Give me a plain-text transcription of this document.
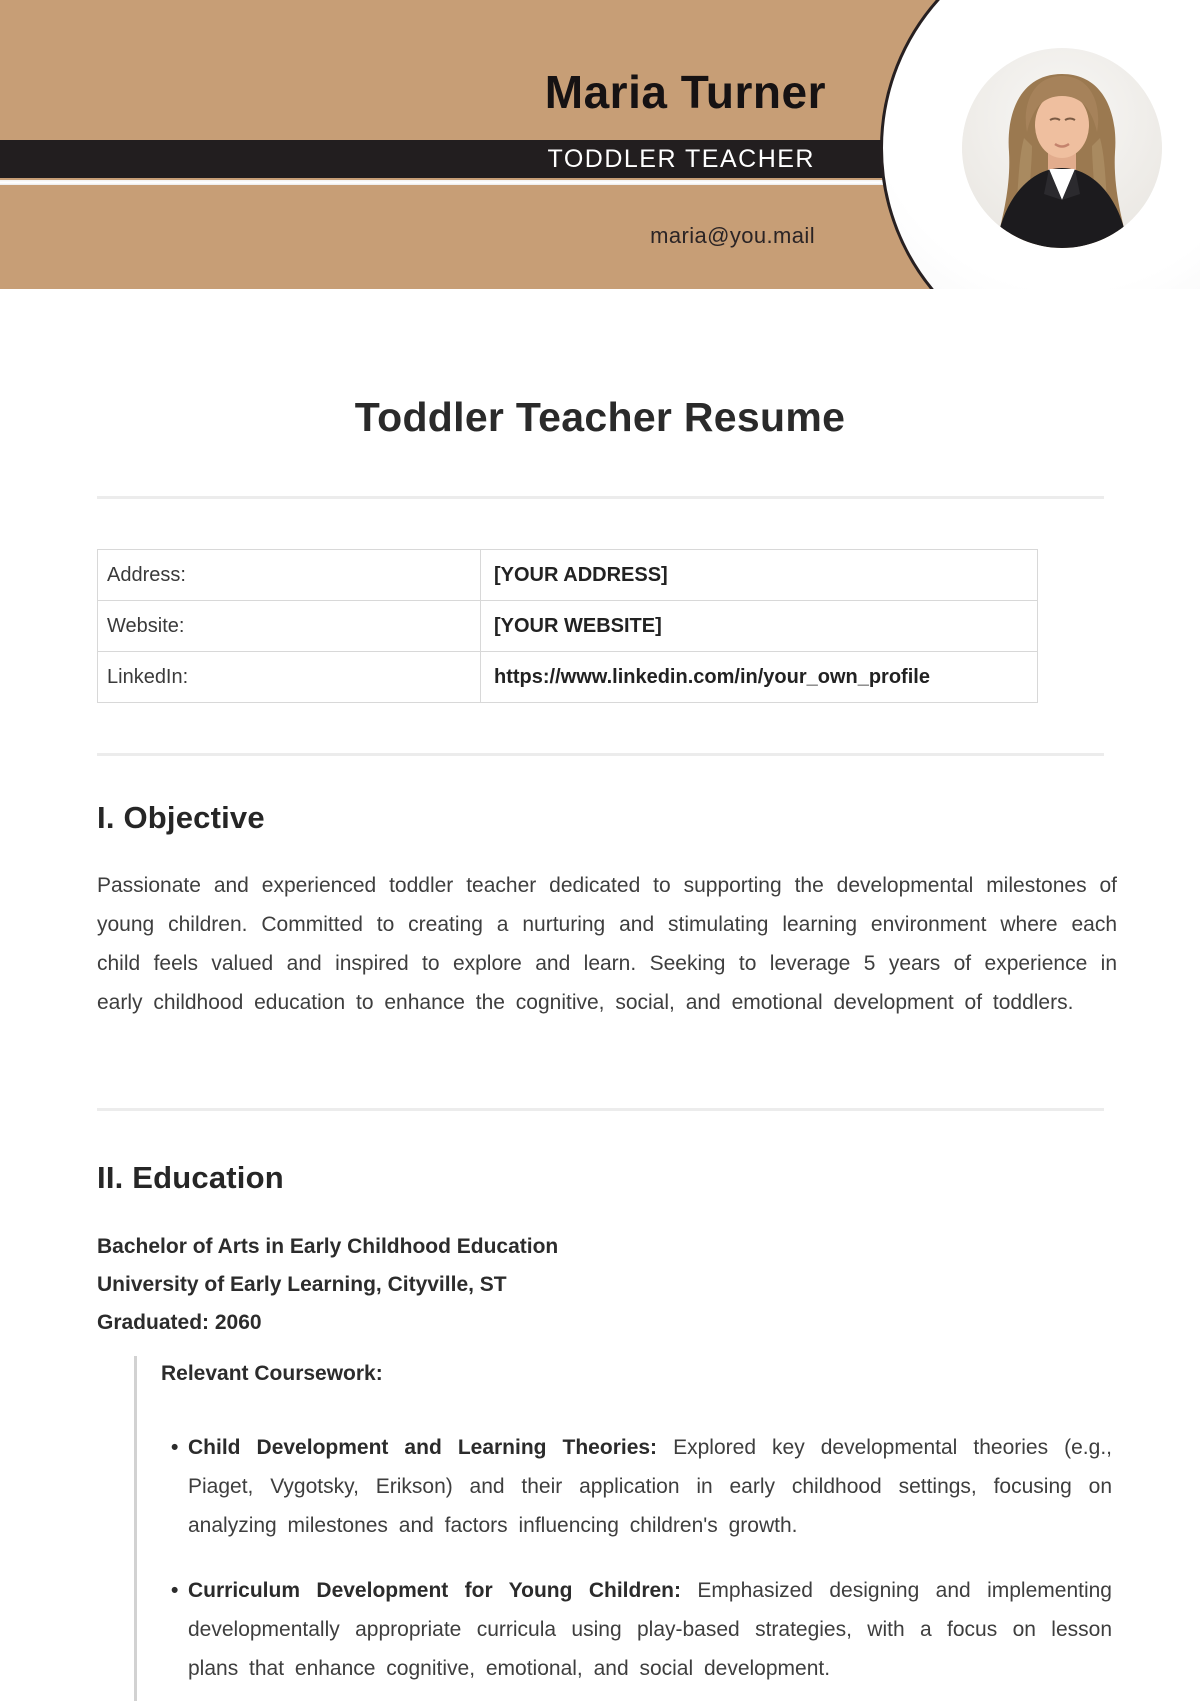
Maria Turner
TODDLER TEACHER
maria@you.mail
Toddler Teacher Resume
Address:	[YOUR ADDRESS]
Website:	[YOUR WEBSITE]
LinkedIn:	https://www.linkedin.com/in/your_own_profile
I. Objective

Passionate and experienced toddler teacher dedicated to supporting the developmental milestones of young children. Committed to creating a nurturing and stimulating learning environment where each child feels valued and inspired to explore and learn. Seeking to leverage 5 years of experience in early childhood education to enhance the cognitive, social, and emotional development of toddlers.

II. Education
Bachelor of Arts in Early Childhood Education
University of Early Learning, Cityville, ST
Graduated: 2060
Relevant Coursework:
• Child Development and Learning Theories: Explored key developmental theories (e.g., Piaget, Vygotsky, Erikson) and their application in early childhood settings, focusing on analyzing milestones and factors influencing children's growth.
• Curriculum Development for Young Children: Emphasized designing and implementing developmentally appropriate curricula using play-based strategies, with a focus on lesson plans that enhance cognitive, emotional, and social development.
